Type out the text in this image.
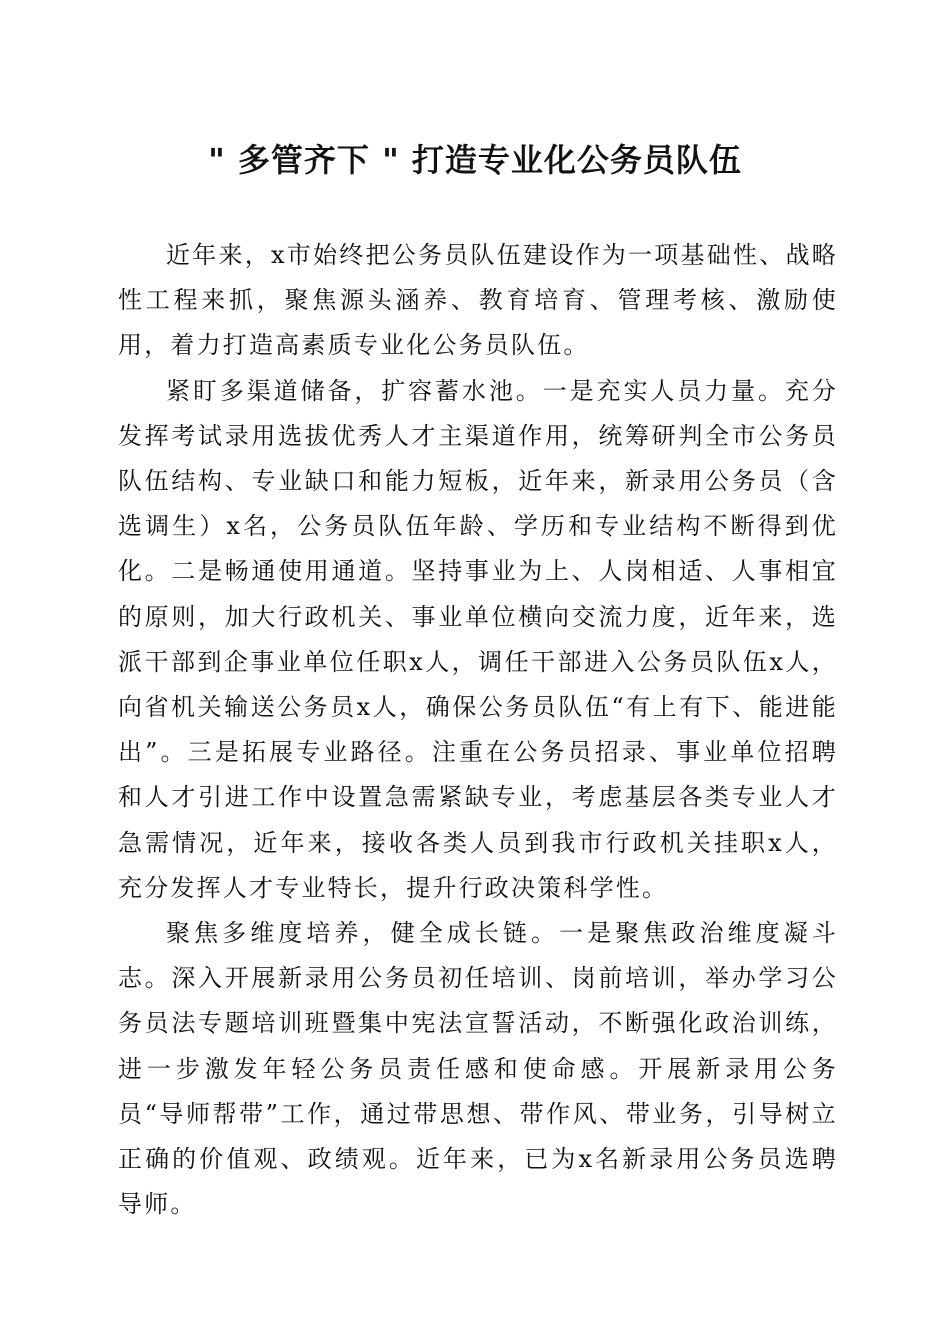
" 多管齐下 " 打造专业化公务员队伍

近年来，x市始终把公务员队伍建设作为一项基础性、战略性工程来抓，聚焦源头涵养、教育培育、管理考核、激励使用，着力打造高素质专业化公务员队伍。

紧盯多渠道储备，扩容蓄水池。一是充实人员力量。充分发挥考试录用选拔优秀人才主渠道作用，统筹研判全市公务员队伍结构、专业缺口和能力短板，近年来，新录用公务员（含选调生）x名，公务员队伍年龄、学历和专业结构不断得到优化。二是畅通使用通道。坚持事业为上、人岗相适、人事相宜的原则，加大行政机关、事业单位横向交流力度，近年来，选派干部到企事业单位任职x人，调任干部进入公务员队伍x人，向省机关输送公务员x人，确保公务员队伍“有上有下、能进能出”。三是拓展专业路径。注重在公务员招录、事业单位招聘和人才引进工作中设置急需紧缺专业，考虑基层各类专业人才急需情况，近年来，接收各类人员到我市行政机关挂职x人，充分发挥人才专业特长，提升行政决策科学性。

聚焦多维度培养，健全成长链。一是聚焦政治维度凝斗志。深入开展新录用公务员初任培训、岗前培训，举办学习公务员法专题培训班暨集中宪法宣誓活动，不断强化政治训练，进一步激发年轻公务员责任感和使命感。开展新录用公务员“导师帮带”工作，通过带思想、带作风、带业务，引导树立正确的价值观、政绩观。近年来，已为x名新录用公务员选聘导师。
